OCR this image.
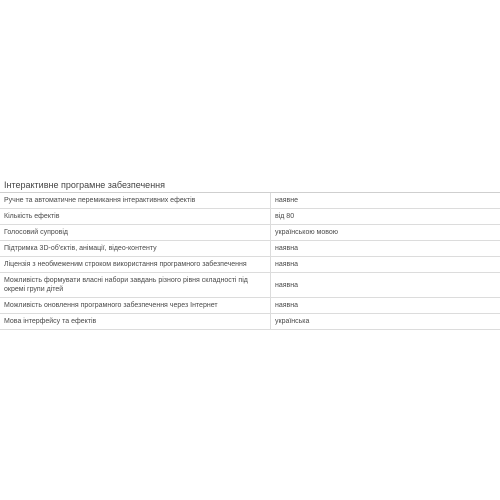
Інтерактивне програмне забезпечення
Ручне та автоматичне перемикання інтерактивних ефектів	наявне
Кількість ефектів	від 80
Голосовий супровід	українською мовою
Підтримка 3D-об'єктів, анімації, відео-контенту	наявна
Ліцензія з необмеженим строком використання програмного забезпечення	наявна
Можливість формувати власні набори завдань різного рівня складності під окремі групи дітей	наявна
Можливість оновлення програмного забезпечення через Інтернет	наявна
Мова інтерфейсу та ефектів	українська
